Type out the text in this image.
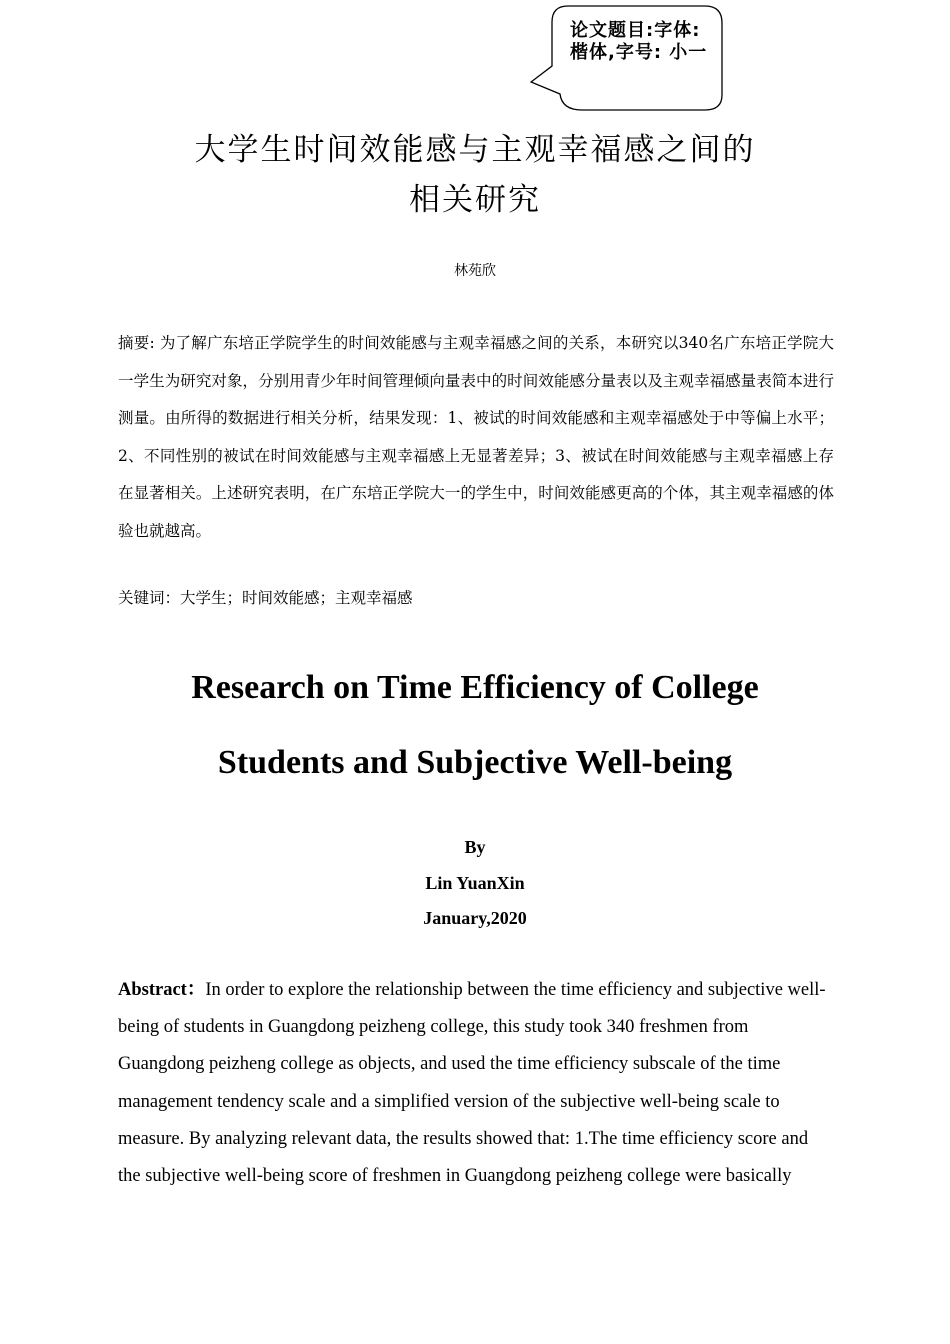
论文题目:字体:楷体,字号: 小一
大学生时间效能感与主观幸福感之间的
相关研究
林苑欣
摘要: 为了解广东培正学院学生的时间效能感与主观幸福感之间的关系，本研究以340名广东培正学院大一学生为研究对象，分别用青少年时间管理倾向量表中的时间效能感分量表以及主观幸福感量表简本进行测量。由所得的数据进行相关分析，结果发现：1、被试的时间效能感和主观幸福感处于中等偏上水平；2、不同性别的被试在时间效能感与主观幸福感上无显著差异；3、被试在时间效能感与主观幸福感上存在显著相关。上述研究表明，在广东培正学院大一的学生中，时间效能感更高的个体，其主观幸福感的体验也就越高。
关键词：大学生；时间效能感；主观幸福感
Research on Time Efficiency of College
Students and Subjective Well-being
By
Lin YuanXin
January,2020
Abstract：In order to explore the relationship between the time efficiency and subjective well-being of students in Guangdong peizheng college, this study took 340 freshmen from Guangdong peizheng college as objects, and used the time efficiency subscale of the time management tendency scale and a simplified version of the subjective well-being scale to measure. By analyzing relevant data, the results showed that: 1.The time efficiency score and the subjective well-being score of freshmen in Guangdong peizheng college were basically
